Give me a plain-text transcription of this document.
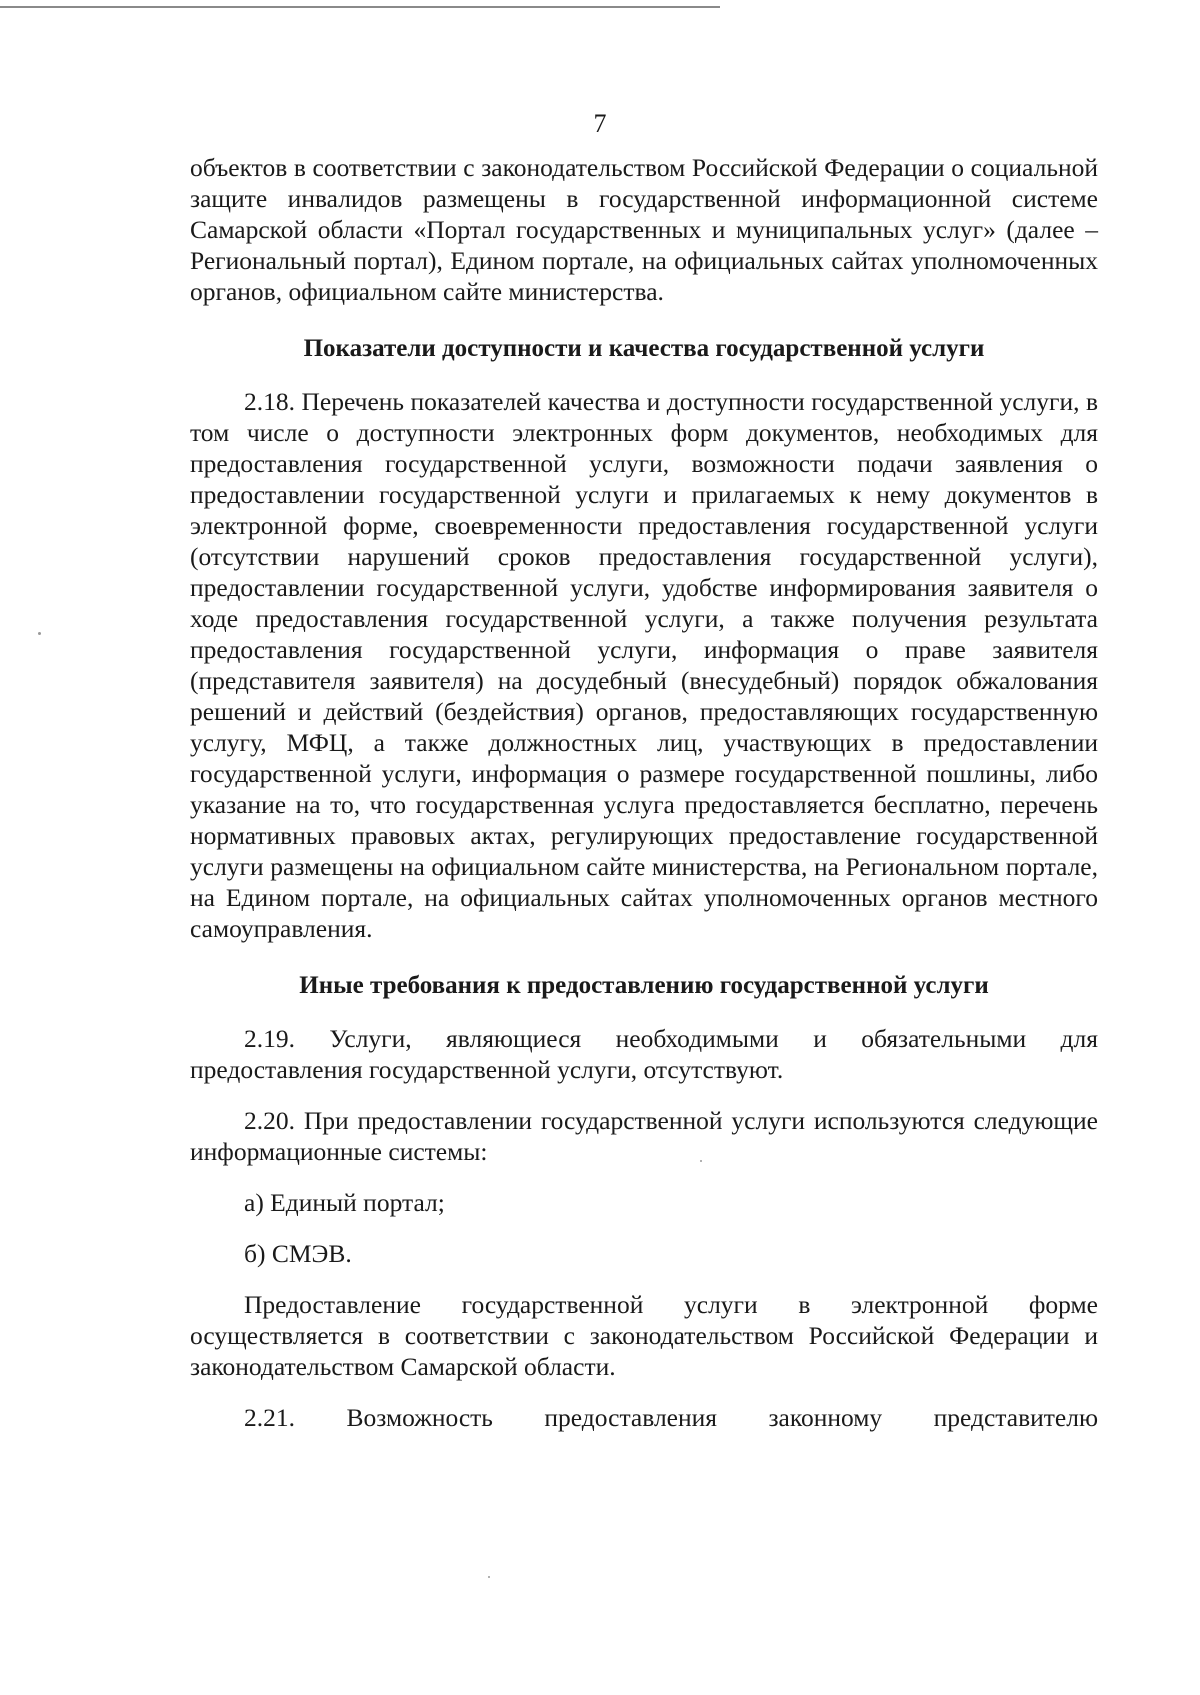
7

объектов в соответствии с законодательством Российской Федерации о социальной защите инвалидов размещены в государственной информационной системе Самарской области «Портал государственных и муниципальных услуг» (далее – Региональный портал), Едином портале, на официальных сайтах уполномоченных органов, официальном сайте министерства.

Показатели доступности и качества государственной услуги

2.18. Перечень показателей качества и доступности государственной услуги, в том числе о доступности электронных форм документов, необходимых для предоставления государственной услуги, возможности подачи заявления о предоставлении государственной услуги и прилагаемых к нему документов в электронной форме, своевременности предоставления государственной услуги (отсутствии нарушений сроков предоставления государственной услуги), предоставлении государственной услуги, удобстве информирования заявителя о ходе предоставления государственной услуги, а также получения результата предоставления государственной услуги, информация о праве заявителя (представителя заявителя) на досудебный (внесудебный) порядок обжалования решений и действий (бездействия) органов, предоставляющих государственную услугу, МФЦ, а также должностных лиц, участвующих в предоставлении государственной услуги, информация о размере государственной пошлины, либо указание на то, что государственная услуга предоставляется бесплатно, перечень нормативных правовых актах, регулирующих предоставление государственной услуги размещены на официальном сайте министерства, на Региональном портале, на Едином портале, на официальных сайтах уполномоченных органов местного самоуправления.

Иные требования к предоставлению государственной услуги

2.19. Услуги, являющиеся необходимыми и обязательными для предоставления государственной услуги, отсутствуют.

2.20. При предоставлении государственной услуги используются следующие информационные системы:

а) Единый портал;

б) СМЭВ.

Предоставление государственной услуги в электронной форме осуществляется в соответствии с законодательством Российской Федерации и законодательством Самарской области.

2.21. Возможность предоставления законному представителю
